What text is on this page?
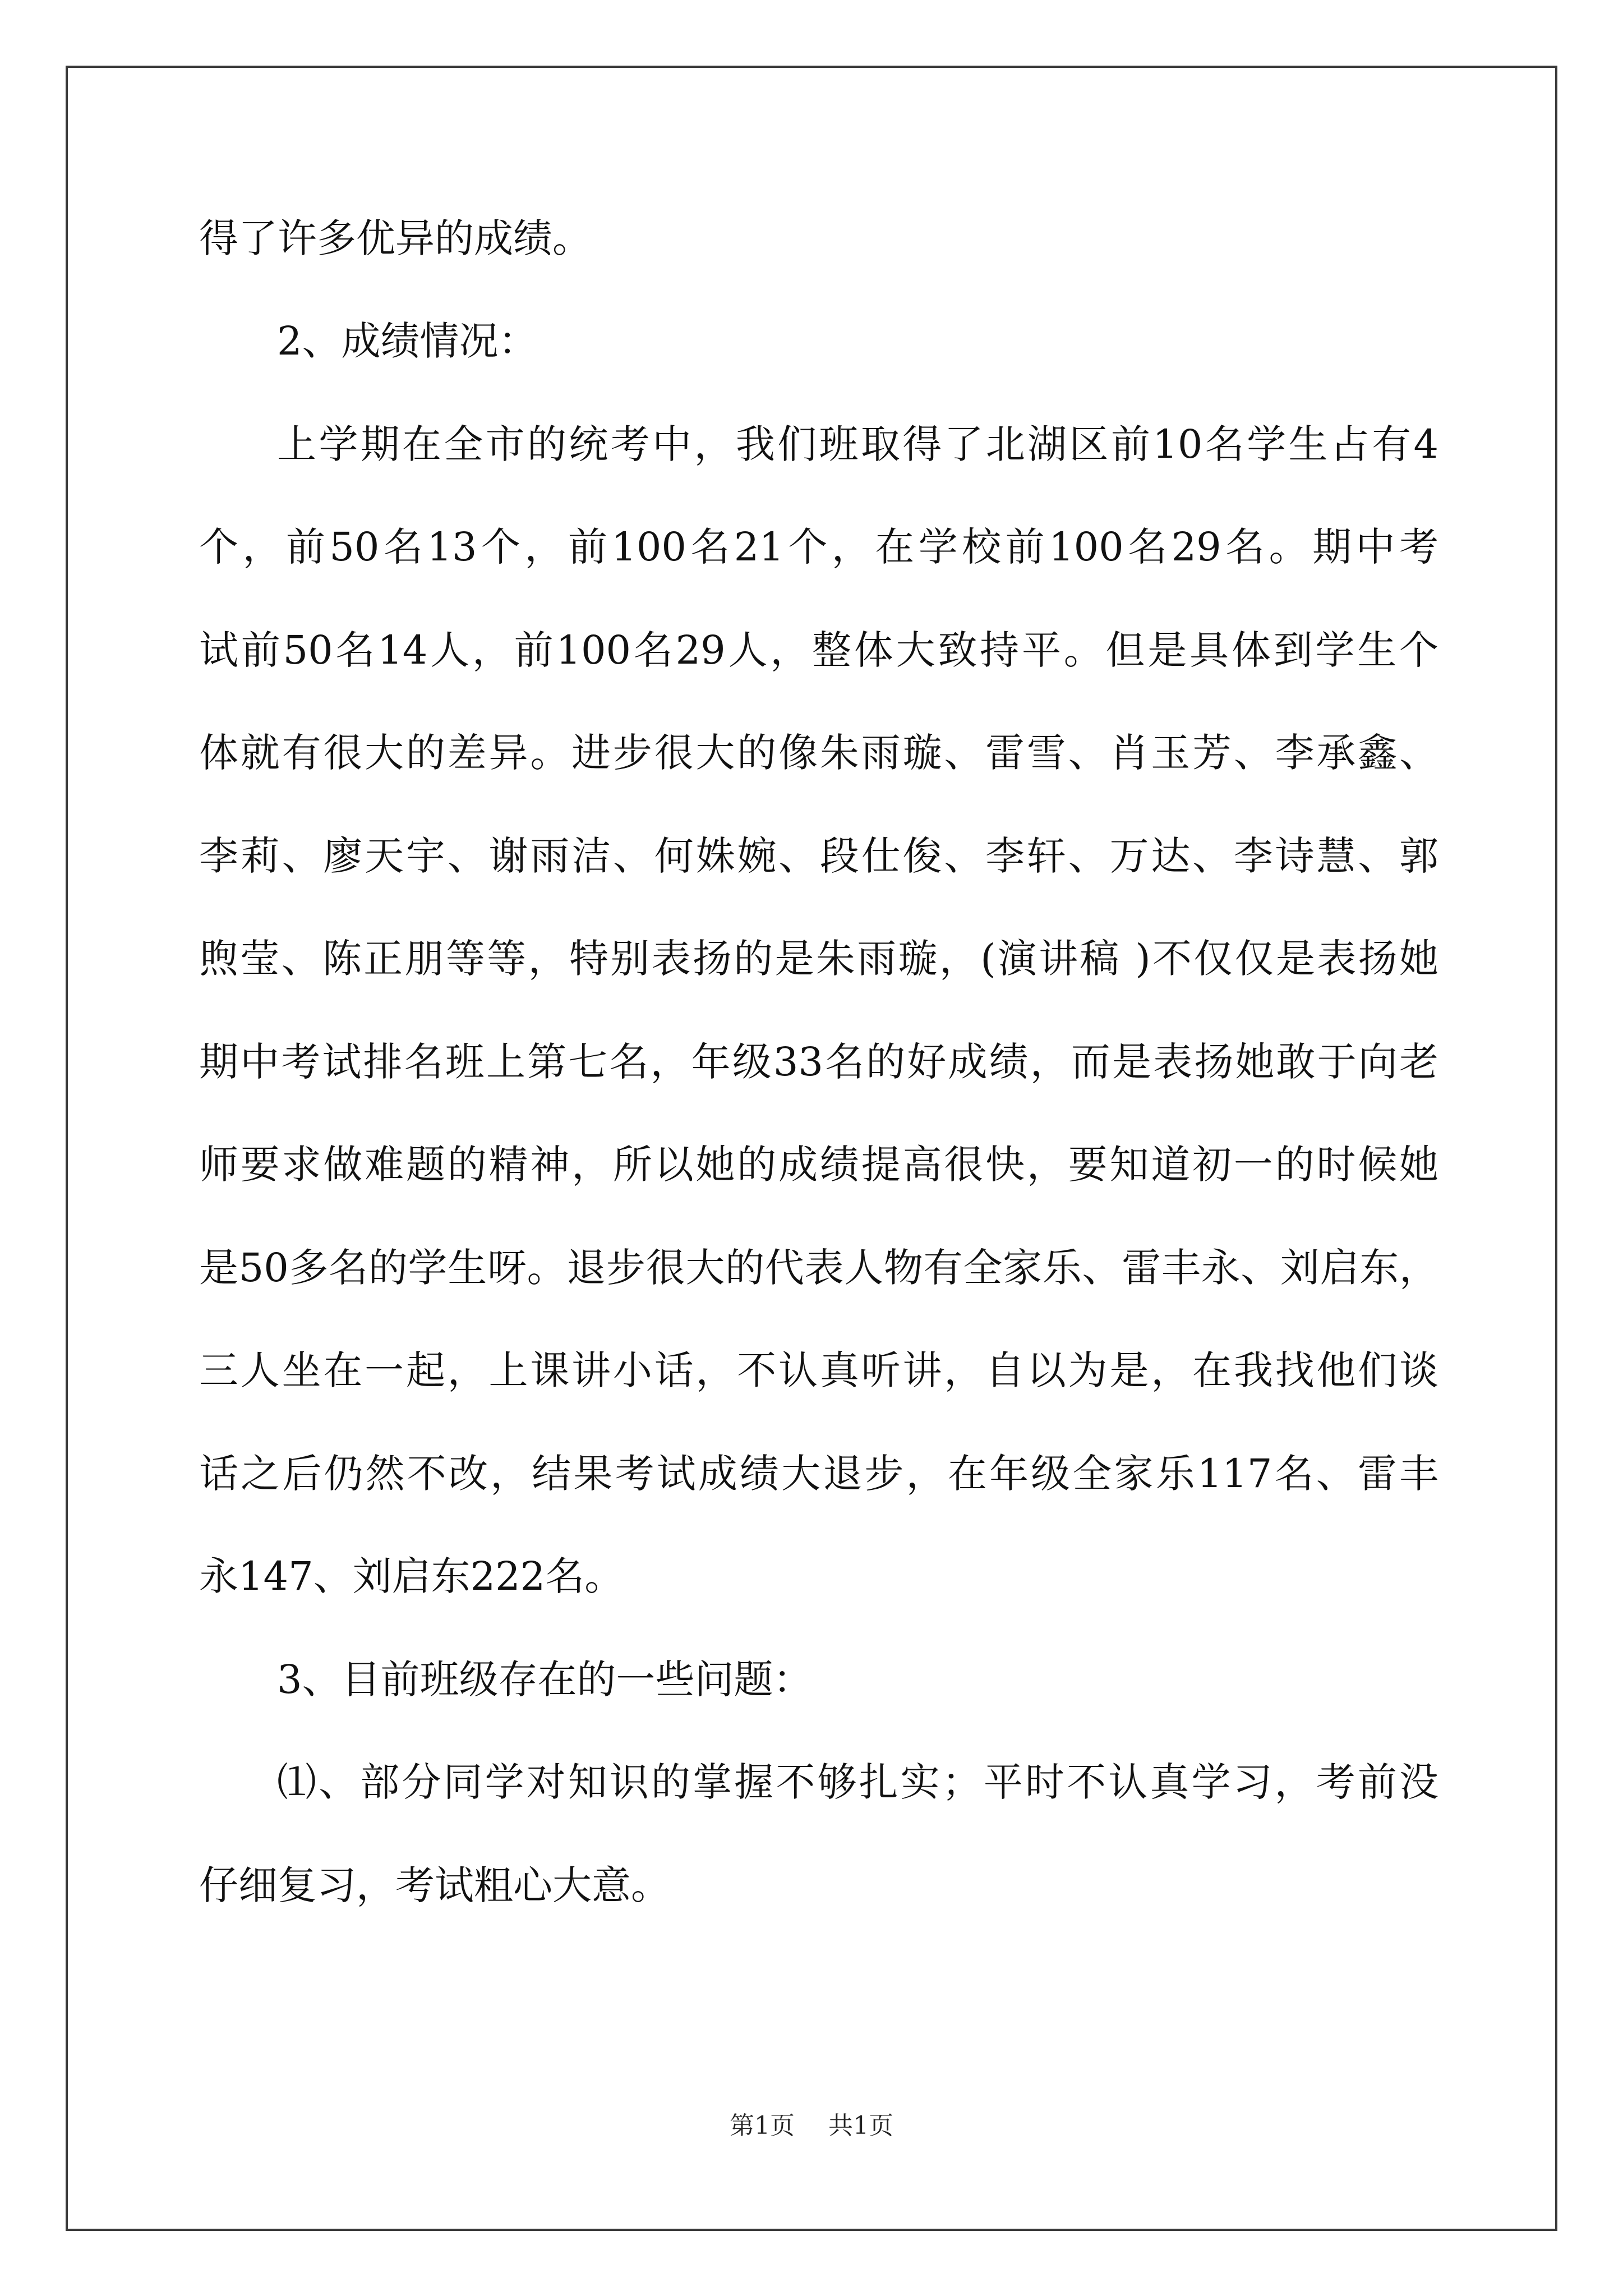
得了许多优异的成绩。
2、成绩情况：
上学期在全市的统考中，我们班取得了北湖区前10名学生占有4
个，前50名13个，前100名21个，在学校前100名29名。期中考
试前50名14人，前100名29人，整体大致持平。但是具体到学生个
体就有很大的差异。进步很大的像朱雨璇、雷雪、肖玉芳、李承鑫、
李莉、廖天宇、谢雨洁、何姝婉、段仕俊、李轩、万达、李诗慧、郭
煦莹、陈正朋等等，特别表扬的是朱雨璇，(演讲稿 )不仅仅是表扬她
期中考试排名班上第七名，年级33名的好成绩，而是表扬她敢于向老
师要求做难题的精神，所以她的成绩提高很快，要知道初一的时候她
是50多名的学生呀。退步很大的代表人物有全家乐、雷丰永、刘启东，
三人坐在一起，上课讲小话，不认真听讲，自以为是，在我找他们谈
话之后仍然不改，结果考试成绩大退步，在年级全家乐117名、雷丰
永147、刘启东222名。
3、目前班级存在的一些问题：
⑴、部分同学对知识的掌握不够扎实；平时不认真学习，考前没
仔细复习，考试粗心大意。
第1页 共1页
